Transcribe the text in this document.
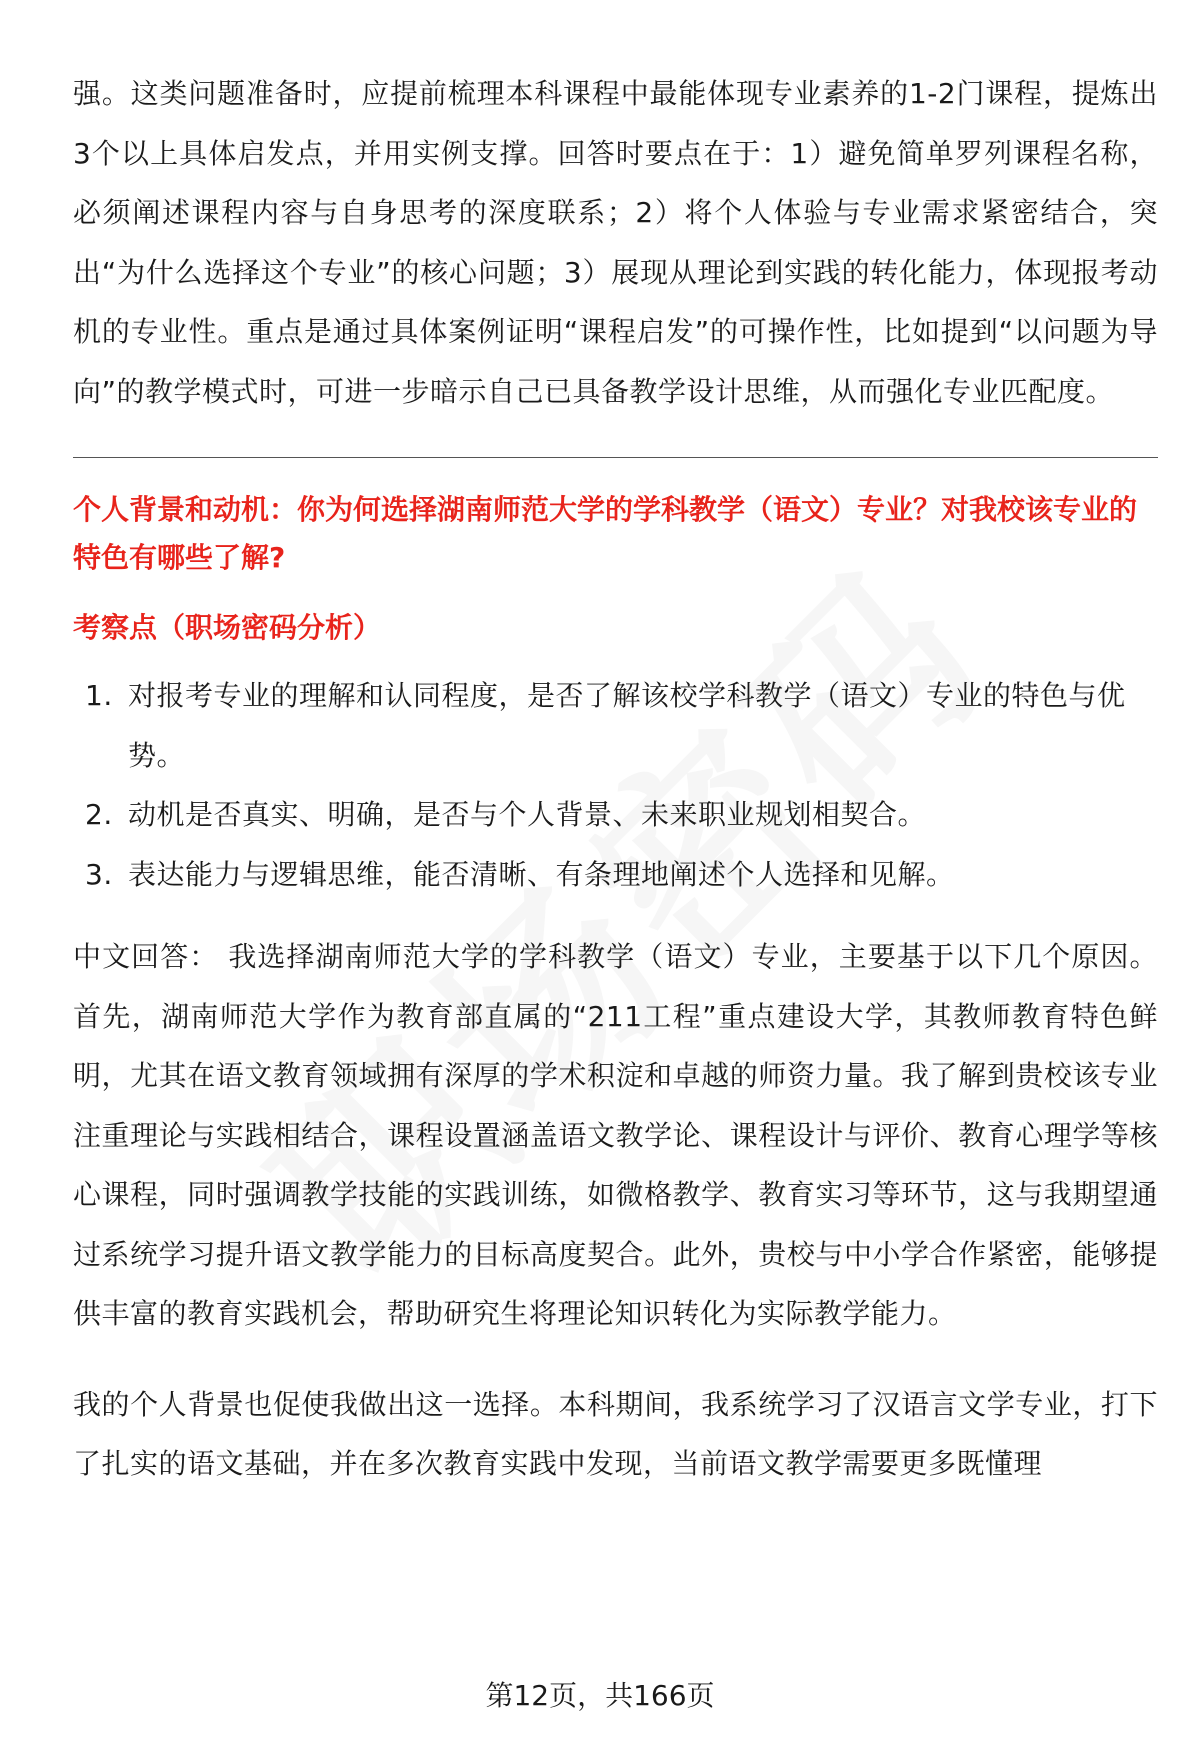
强。这类问题准备时，应提前梳理本科课程中最能体现专业素养的1-2门课程，提炼出3个以上具体启发点，并用实例支撑。回答时要点在于：1）避免简单罗列课程名称，必须阐述课程内容与自身思考的深度联系；2）将个人体验与专业需求紧密结合，突出“为什么选择这个专业”的核心问题；3）展现从理论到实践的转化能力，体现报考动机的专业性。重点是通过具体案例证明“课程启发”的可操作性，比如提到“以问题为导向”的教学模式时，可进一步暗示自己已具备教学设计思维，从而强化专业匹配度。

个人背景和动机：你为何选择湖南师范大学的学科教学（语文）专业？对我校该专业的特色有哪些了解?

考察点（职场密码分析）

1. 对报考专业的理解和认同程度，是否了解该校学科教学（语文）专业的特色与优势。
2. 动机是否真实、明确，是否与个人背景、未来职业规划相契合。
3. 表达能力与逻辑思维，能否清晰、有条理地阐述个人选择和见解。

中文回答： 我选择湖南师范大学的学科教学（语文）专业，主要基于以下几个原因。首先，湖南师范大学作为教育部直属的“211工程”重点建设大学，其教师教育特色鲜明，尤其在语文教育领域拥有深厚的学术积淀和卓越的师资力量。我了解到贵校该专业注重理论与实践相结合，课程设置涵盖语文教学论、课程设计与评价、教育心理学等核心课程，同时强调教学技能的实践训练，如微格教学、教育实习等环节，这与我期望通过系统学习提升语文教学能力的目标高度契合。此外，贵校与中小学合作紧密，能够提供丰富的教育实践机会，帮助研究生将理论知识转化为实际教学能力。

我的个人背景也促使我做出这一选择。本科期间，我系统学习了汉语言文学专业，打下了扎实的语文基础，并在多次教育实践中发现，当前语文教学需要更多既懂理

第12页，共166页
